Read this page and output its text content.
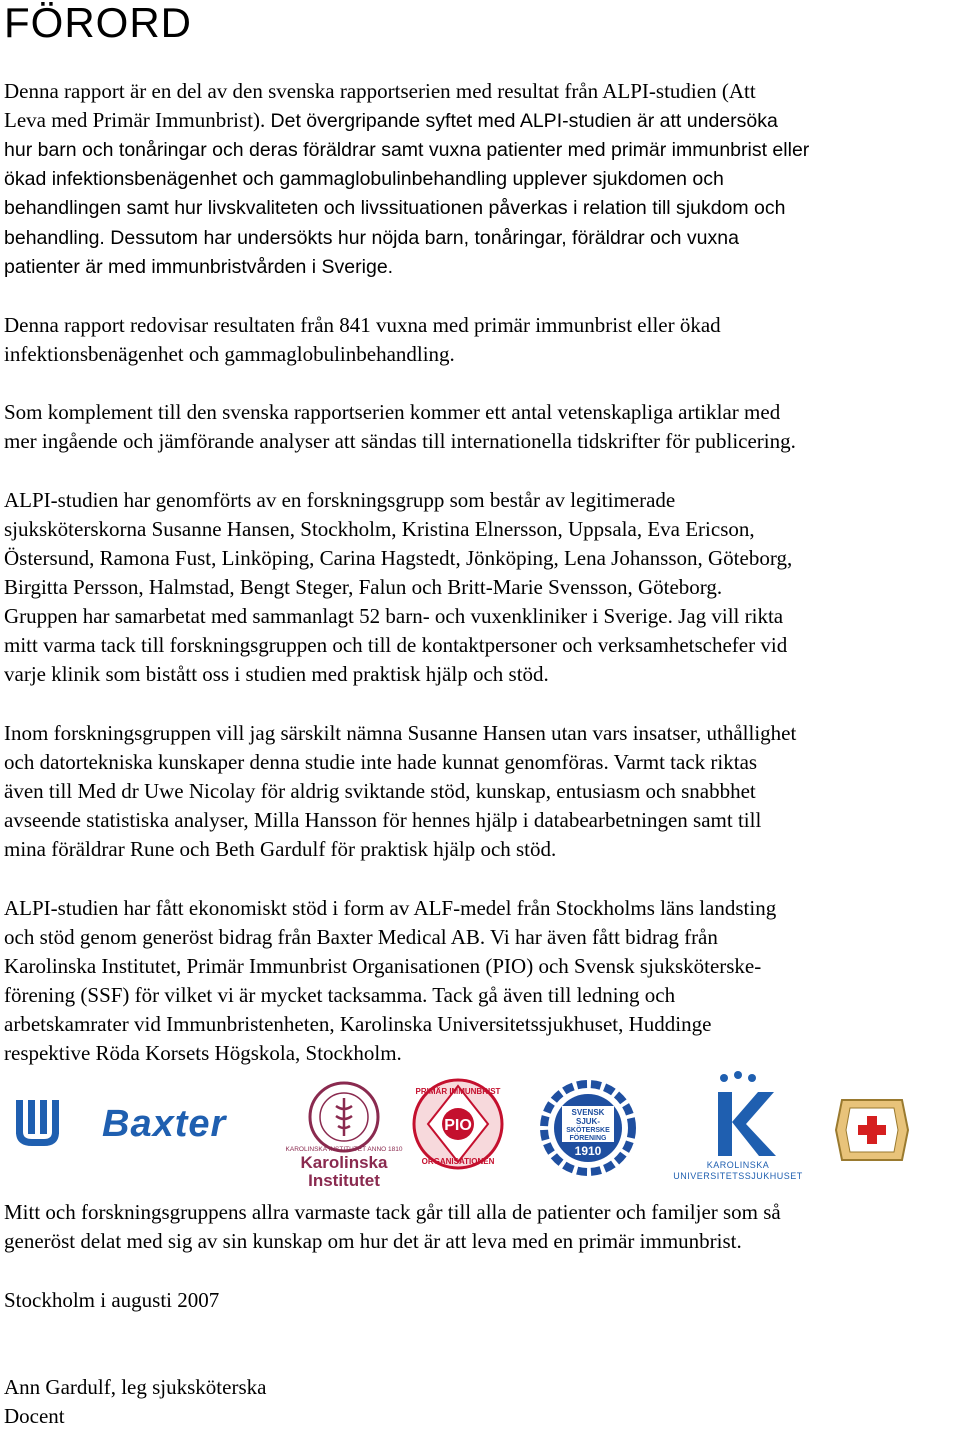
FÖRORD
Denna rapport är en del av den svenska rapportserien med resultat från ALPI-studien (Att
Leva med Primär Immunbrist). Det övergripande syftet med ALPI-studien är att undersöka
hur barn och tonåringar och deras föräldrar samt vuxna patienter med primär immunbrist eller
ökad infektionsbenägenhet och gammaglobulinbehandling upplever sjukdomen och
behandlingen samt hur livskvaliteten och livssituationen påverkas i relation till sjukdom och
behandling. Dessutom har undersökts hur nöjda barn, tonåringar, föräldrar och vuxna
patienter är med immunbristvården i Sverige.
Denna rapport redovisar resultaten från 841 vuxna med primär immunbrist eller ökad
infektionsbenägenhet och gammaglobulinbehandling.
Som komplement till den svenska rapportserien kommer ett antal vetenskapliga artiklar med
mer ingående och jämförande analyser att sändas till internationella tidskrifter för publicering.
ALPI-studien har genomförts av en forskningsgrupp som består av legitimerade
sjuksköterskorna Susanne Hansen, Stockholm, Kristina Elnersson, Uppsala, Eva Ericson,
Östersund, Ramona Fust, Linköping, Carina Hagstedt, Jönköping, Lena Johansson, Göteborg,
Birgitta Persson, Halmstad, Bengt Steger, Falun och Britt-Marie Svensson, Göteborg.
Gruppen har samarbetat med sammanlagt 52 barn- och vuxenkliniker i Sverige. Jag vill rikta
mitt varma tack till forskningsgruppen och till de kontaktpersoner och verksamhetschefer vid
varje klinik som bistått oss i studien med praktisk hjälp och stöd.
Inom forskningsgruppen vill jag särskilt nämna Susanne Hansen utan vars insatser, uthållighet
och datortekniska kunskaper denna studie inte hade kunnat genomföras. Varmt tack riktas
även till Med dr Uwe Nicolay för aldrig sviktande stöd, kunskap, entusiasm och snabbhet
avseende statistiska analyser, Milla Hansson för hennes hjälp i databearbetningen samt till
mina föräldrar Rune och Beth Gardulf för praktisk hjälp och stöd.
ALPI-studien har fått ekonomiskt stöd i form av ALF-medel från Stockholms läns landsting
och stöd genom generöst bidrag från Baxter Medical AB. Vi har även fått bidrag från
Karolinska Institutet, Primär Immunbrist Organisationen (PIO) och Svensk sjuksköterske-
förening (SSF) för vilket vi är mycket tacksamma. Tack gå även till ledning och
arbetskamrater vid Immunbristenheten, Karolinska Universitetssjukhuset, Huddinge
respektive Röda Korsets Högskola, Stockholm.
Baxter
KAROLINSKA INSTITUTET ANNO 1810
Karolinska
Institutet
PIO
PRIMÄR IMMUNBRIST
ORGANISATIONEN
SVENSK
SJUK-
SKÖTERSKE
FÖRENING
1910
KAROLINSKA
UNIVERSITETSSJUKHUSET
Mitt och forskningsgruppens allra varmaste tack går till alla de patienter och familjer som så
generöst delat med sig av sin kunskap om hur det är att leva med en primär immunbrist.
Stockholm i augusti 2007
Ann Gardulf, leg sjuksköterska
Docent
